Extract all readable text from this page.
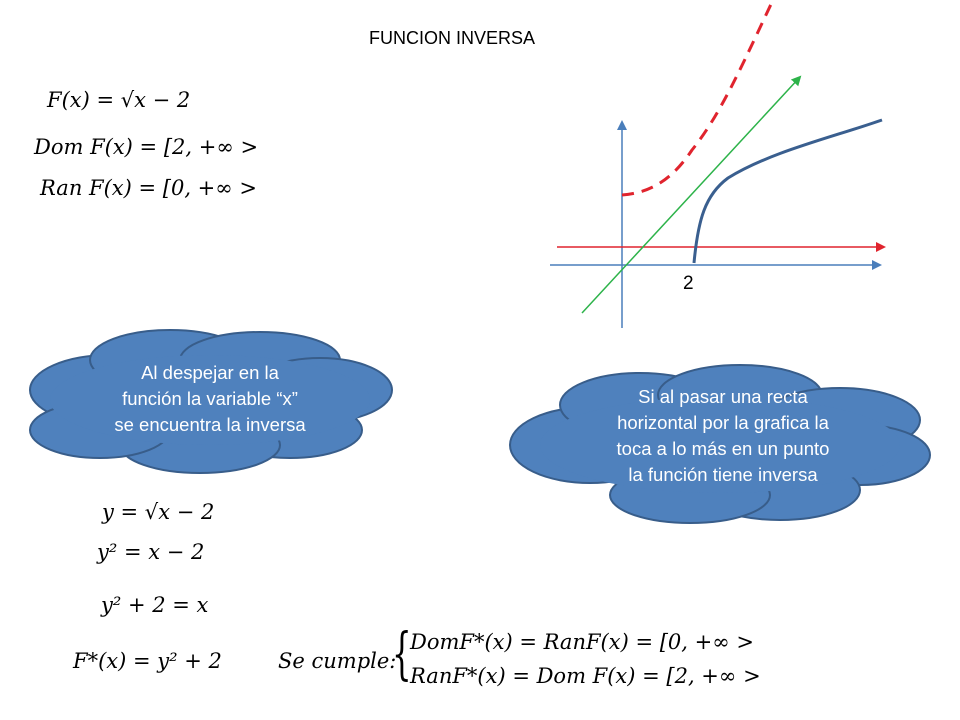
FUNCION INVERSA
F(x) = √x − 2
Dom F(x) = [2, +∞ >
Ran F(x) = [0, +∞ >
2
Al despejar en la
función la variable “x”
se encuentra la inversa
Si al pasar una recta
horizontal por la grafica la
toca a lo más en un punto
la función tiene inversa
y = √x − 2
y² = x − 2
y² + 2 = x
F*(x) = y² + 2	Se cumple:
{
DomF*(x) = RanF(x) = [0, +∞ >
RanF*(x) = Dom F(x) = [2, +∞ >
